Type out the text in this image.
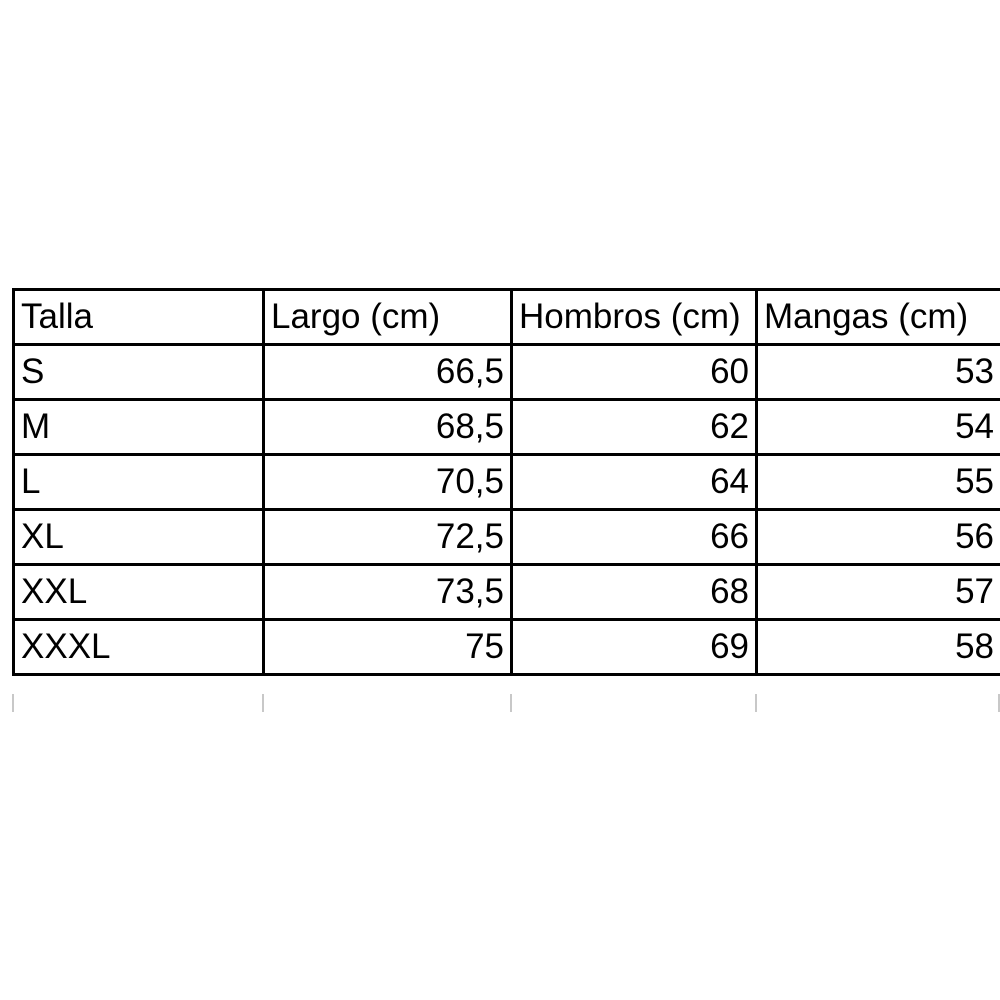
Talla	Largo (cm)	Hombros (cm)	Mangas (cm)
S	66,5	60	53
M	68,5	62	54
L	70,5	64	55
XL	72,5	66	56
XXL	73,5	68	57
XXXL	75	69	58
